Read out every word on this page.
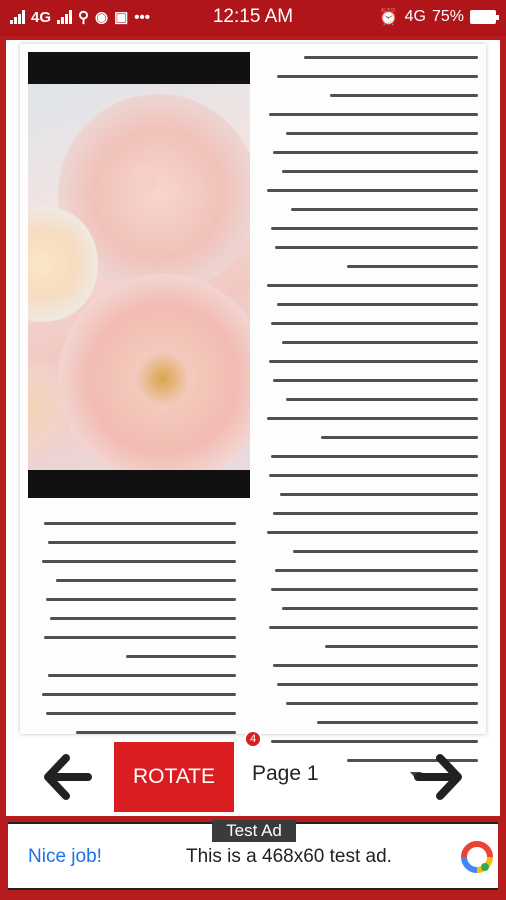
4G ⚲ ◉ ▣ •••	12:15 AM	⏰ 4G 75%
ROTATE
4
Page 1
Nice job!	This is a 468x60 test ad.
Test Ad
